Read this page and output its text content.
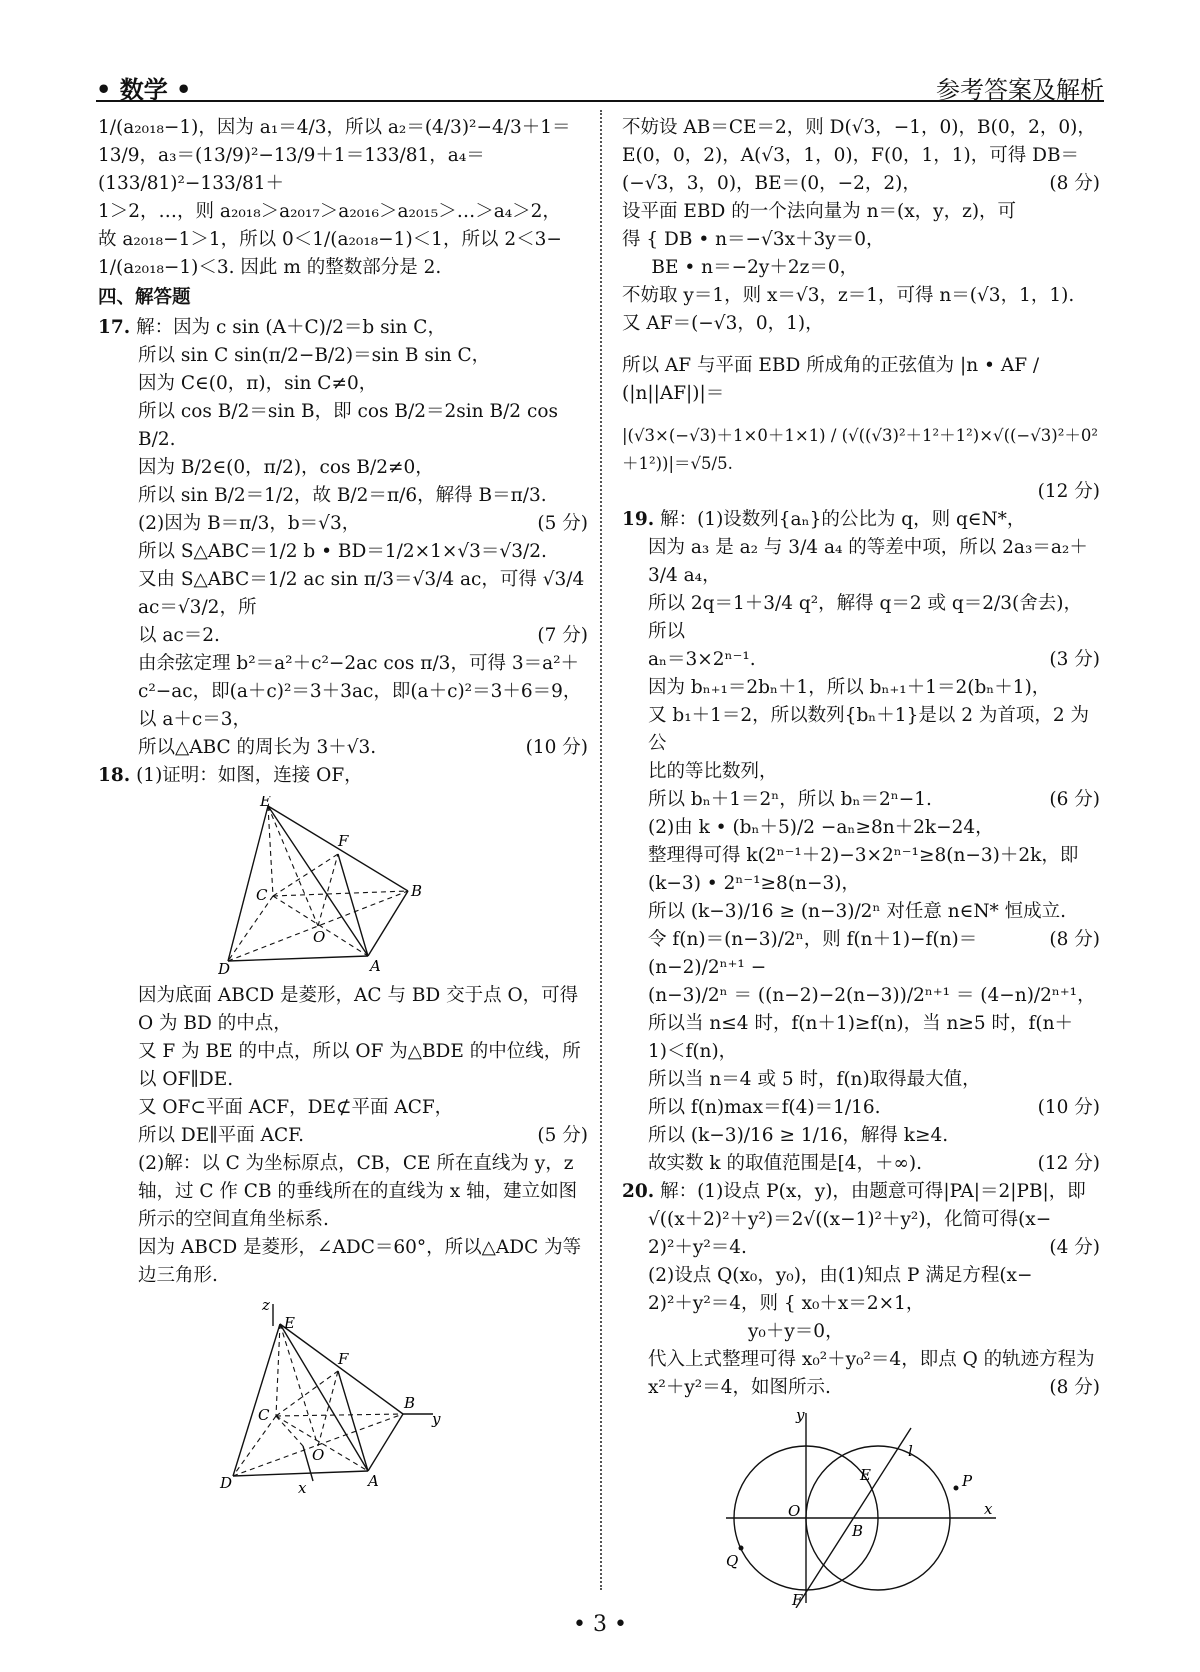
• 数学 •	参考答案及解析

1/(a₂₀₁₈−1)，因为 a₁＝4/3，所以 a₂＝(4/3)²−4/3＋1＝

13/9，a₃＝(13/9)²−13/9＋1＝133/81，a₄＝(133/81)²−133/81＋

1＞2，…，则 a₂₀₁₈＞a₂₀₁₇＞a₂₀₁₆＞a₂₀₁₅＞…＞a₄＞2，

故 a₂₀₁₈−1＞1，所以 0＜1/(a₂₀₁₈−1)＜1，所以 2＜3−

1/(a₂₀₁₈−1)＜3. 因此 m 的整数部分是 2.

四、解答题

17. 解：因为 c sin (A＋C)/2＝b sin C，

所以 sin C sin(π/2−B/2)＝sin B sin C，

因为 C∈(0，π)，sin C≠0，

所以 cos B/2＝sin B，即 cos B/2＝2sin B/2 cos B/2.

因为 B/2∈(0，π/2)，cos B/2≠0，

所以 sin B/2＝1/2，故 B/2＝π/6，解得 B＝π/3.
(5 分)

(2)因为 B＝π/3，b＝√3，

所以 S△ABC＝1/2 b • BD＝1/2×1×√3＝√3/2.

又由 S△ABC＝1/2 ac sin π/3＝√3/4 ac，可得 √3/4 ac＝√3/2，所

以 ac＝2.	(7 分)

由余弦定理 b²＝a²＋c²−2ac cos π/3，可得 3＝a²＋

c²−ac，即(a＋c)²＝3＋3ac，即(a＋c)²＝3＋6＝9，

以 a＋c＝3，

所以△ABC 的周长为 3＋√3.	(10 分)

18. (1)证明：如图，连接 OF，
E
F
C	B
O
D	A

因为底面 ABCD 是菱形，AC 与 BD 交于点 O，可得

O 为 BD 的中点，

又 F 为 BE 的中点，所以 OF 为△BDE 的中位线，所

以 OF∥DE.

又 OF⊂平面 ACF，DE⊄平面 ACF，

所以 DE∥平面 ACF.	(5 分)

(2)解：以 C 为坐标原点，CB，CE 所在直线为 y，z

轴，过 C 作 CB 的垂线所在的直线为 x 轴，建立如图

所示的空间直角坐标系.

因为 ABCD 是菱形，∠ADC＝60°，所以△ADC 为等

边三角形.

z
E
F
C
B
y
O
D	A
x

不妨设 AB＝CE＝2，则 D(√3，−1，0)，B(0，2，0)，

E(0，0，2)，A(√3，1，0)，F(0，1，1)，可得 DB＝

(−√3，3，0)，BE＝(0，−2，2)，	(8 分)

设平面 EBD 的一个法向量为 n＝(x，y，z)，可

得 { DB • n＝−√3x＋3y＝0，

BE • n＝−2y＋2z＝0，

不妨取 y＝1，则 x＝√3，z＝1，可得 n＝(√3，1，1).

又 AF＝(−√3，0，1)，

所以 AF 与平面 EBD 所成角的正弦值为 |n • AF / (|n||AF|)|＝

|(√3×(−√3)＋1×0＋1×1) / (√((√3)²＋1²＋1²)×√((−√3)²＋0²＋1²))|＝√5/5.

(12 分)

19. 解：(1)设数列{aₙ}的公比为 q，则 q∈N*，

因为 a₃ 是 a₂ 与 3/4 a₄ 的等差中项，所以 2a₃＝a₂＋

3/4 a₄，

所以 2q＝1＋3/4 q²，解得 q＝2 或 q＝2/3(舍去)，所以

aₙ＝3×2ⁿ⁻¹.	(3 分)

因为 bₙ₊₁＝2bₙ＋1，所以 bₙ₊₁＋1＝2(bₙ＋1)，

又 b₁＋1＝2，所以数列{bₙ＋1}是以 2 为首项，2 为公

比的等比数列，

所以 bₙ＋1＝2ⁿ，所以 bₙ＝2ⁿ−1.	(6 分)

(2)由 k • (bₙ＋5)/2 −aₙ≥8n＋2k−24，

整理得可得 k(2ⁿ⁻¹＋2)−3×2ⁿ⁻¹≥8(n−3)＋2k，即

(k−3) • 2ⁿ⁻¹≥8(n−3)，

所以 (k−3)/16 ≥ (n−3)/2ⁿ 对任意 n∈N* 恒成立.
(8 分)

令 f(n)＝(n−3)/2ⁿ，则 f(n＋1)−f(n)＝(n−2)/2ⁿ⁺¹ −

(n−3)/2ⁿ ＝ ((n−2)−2(n−3))/2ⁿ⁺¹ ＝ (4−n)/2ⁿ⁺¹，

所以当 n≤4 时，f(n＋1)≥f(n)，当 n≥5 时，f(n＋

1)＜f(n)，

所以当 n＝4 或 5 时，f(n)取得最大值，

所以 f(n)max＝f(4)＝1/16.	(10 分)

所以 (k−3)/16 ≥ 1/16，解得 k≥4.

故实数 k 的取值范围是[4，＋∞).	(12 分)

20. 解：(1)设点 P(x，y)，由题意可得|PA|＝2|PB|，即

√((x＋2)²＋y²)＝2√((x−1)²＋y²)，化简可得(x−

2)²＋y²＝4.	(4 分)

(2)设点 Q(x₀，y₀)，由(1)知点 P 满足方程(x−

2)²＋y²＝4，则 { x₀＋x＝2×1，

y₀＋y＝0，

代入上式整理可得 x₀²＋y₀²＝4，即点 Q 的轨迹方程为

x²＋y²＝4，如图所示.	(8 分)

y
x
O
B
E
l
P
Q
F
• 3 •
